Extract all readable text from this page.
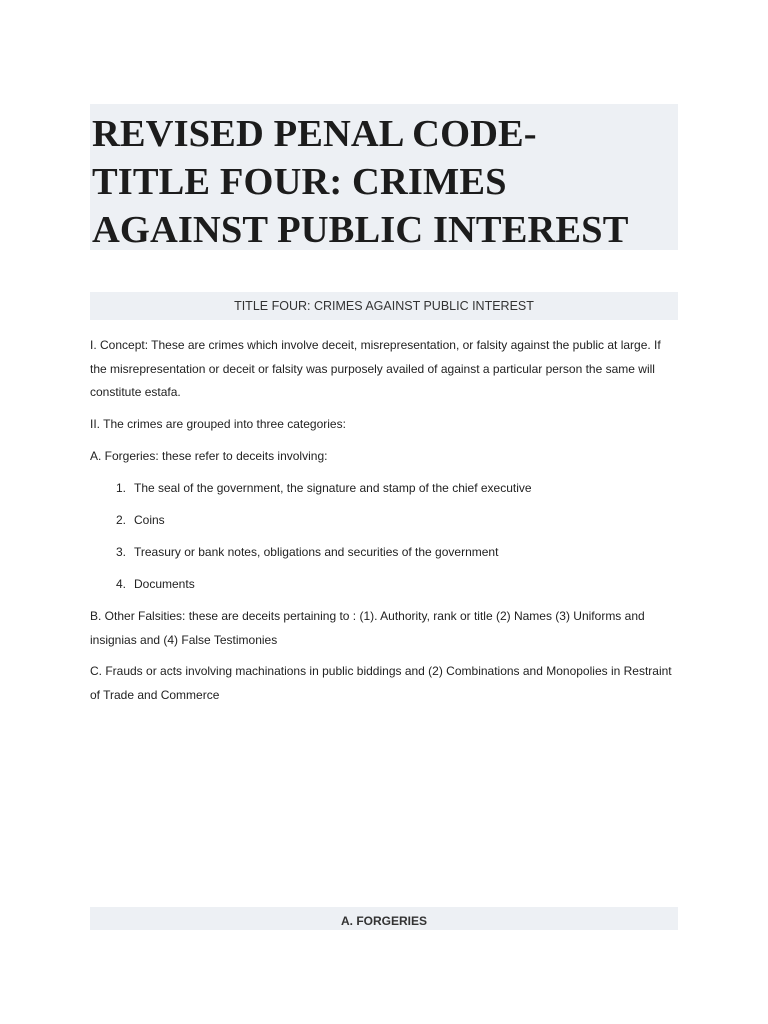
REVISED PENAL CODE-
TITLE FOUR: CRIMES
AGAINST PUBLIC INTEREST
TITLE FOUR: CRIMES AGAINST PUBLIC INTEREST

I. Concept: These are crimes which involve deceit, misrepresentation, or falsity against the public at large. If the misrepresentation or deceit or falsity was purposely availed of against a particular person the same will constitute estafa.

II. The crimes are grouped into three categories:

A. Forgeries: these refer to deceits involving:

1. The seal of the government, the signature and stamp of the chief executive
2. Coins
3. Treasury or bank notes, obligations and securities of the government
4. Documents

B. Other Falsities: these are deceits pertaining to : (1). Authority, rank or title (2) Names (3) Uniforms and insignias and (4) False Testimonies

C. Frauds or acts involving machinations in public biddings and (2) Combinations and Monopolies in Restraint of Trade and Commerce

A. FORGERIES
